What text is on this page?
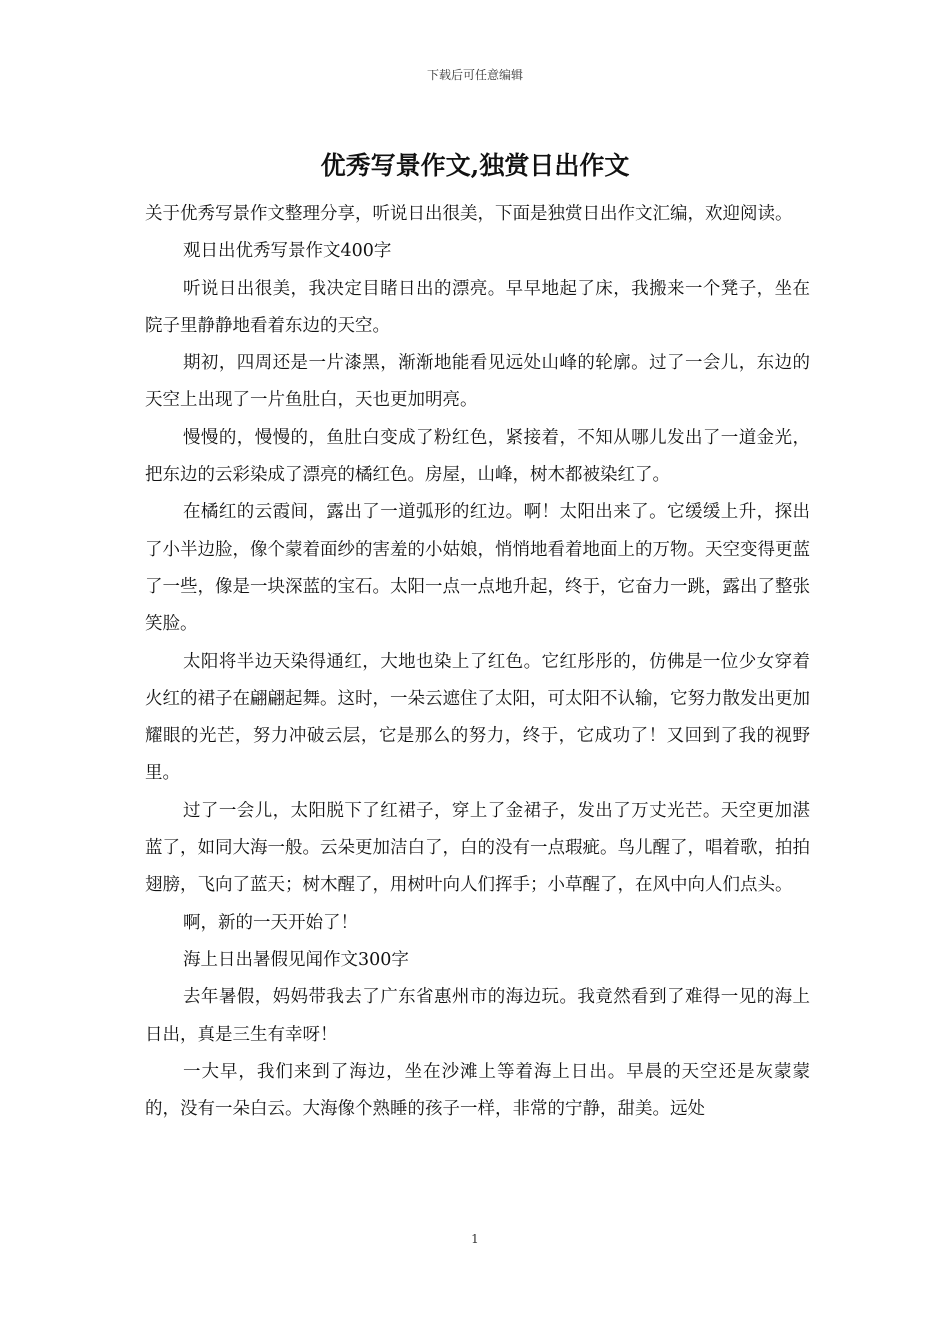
下载后可任意编辑
优秀写景作文,独赏日出作文

关于优秀写景作文整理分享，听说日出很美，下面是独赏日出作文汇编，欢迎阅读。

观日出优秀写景作文400字

听说日出很美，我决定目睹日出的漂亮。早早地起了床，我搬来一个凳子，坐在院子里静静地看着东边的天空。

期初，四周还是一片漆黑，渐渐地能看见远处山峰的轮廓。过了一会儿，东边的天空上出现了一片鱼肚白，天也更加明亮。

慢慢的，慢慢的，鱼肚白变成了粉红色，紧接着，不知从哪儿发出了一道金光，把东边的云彩染成了漂亮的橘红色。房屋，山峰，树木都被染红了。

在橘红的云霞间，露出了一道弧形的红边。啊！太阳出来了。它缓缓上升，探出了小半边脸，像个蒙着面纱的害羞的小姑娘，悄悄地看着地面上的万物。天空变得更蓝了一些，像是一块深蓝的宝石。太阳一点一点地升起，终于，它奋力一跳，露出了整张笑脸。

太阳将半边天染得通红，大地也染上了红色。它红彤彤的，仿佛是一位少女穿着火红的裙子在翩翩起舞。这时，一朵云遮住了太阳，可太阳不认输，它努力散发出更加耀眼的光芒，努力冲破云层，它是那么的努力，终于，它成功了！又回到了我的视野里。

过了一会儿，太阳脱下了红裙子，穿上了金裙子，发出了万丈光芒。天空更加湛蓝了，如同大海一般。云朵更加洁白了，白的没有一点瑕疵。鸟儿醒了，唱着歌，拍拍翅膀，飞向了蓝天；树木醒了，用树叶向人们挥手；小草醒了，在风中向人们点头。

啊，新的一天开始了！

海上日出暑假见闻作文300字

去年暑假，妈妈带我去了广东省惠州市的海边玩。我竟然看到了难得一见的海上日出，真是三生有幸呀！

一大早，我们来到了海边，坐在沙滩上等着海上日出。早晨的天空还是灰蒙蒙的，没有一朵白云。大海像个熟睡的孩子一样，非常的宁静，甜美。远处

1
